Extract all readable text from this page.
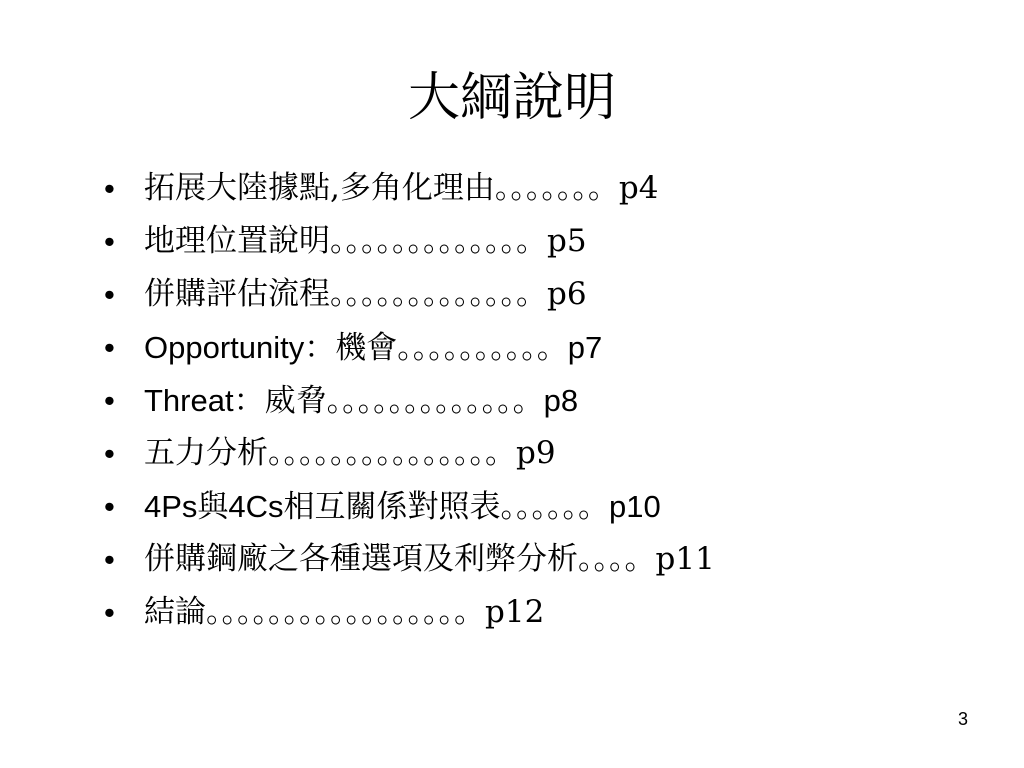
大綱說明
• 拓展大陸據點,多角化理由。。。。。。。p4
• 地理位置說明。。。。。。。。。。。。。p5
• 併購評估流程。。。。。。。。。。。。。p6
• Opportunity：機會。。。。。。。。。。p7
• Threat：威脅。。。。。。。。。。。。。p8
• 五力分析。。。。。。。。。。。。。。。p9
• 4Ps與4Cs相互關係對照表。。。。。。p10
• 併購鋼廠之各種選項及利弊分析。。。。p11
• 結論。。。。。。。。。。。。。。。。。p12
3
